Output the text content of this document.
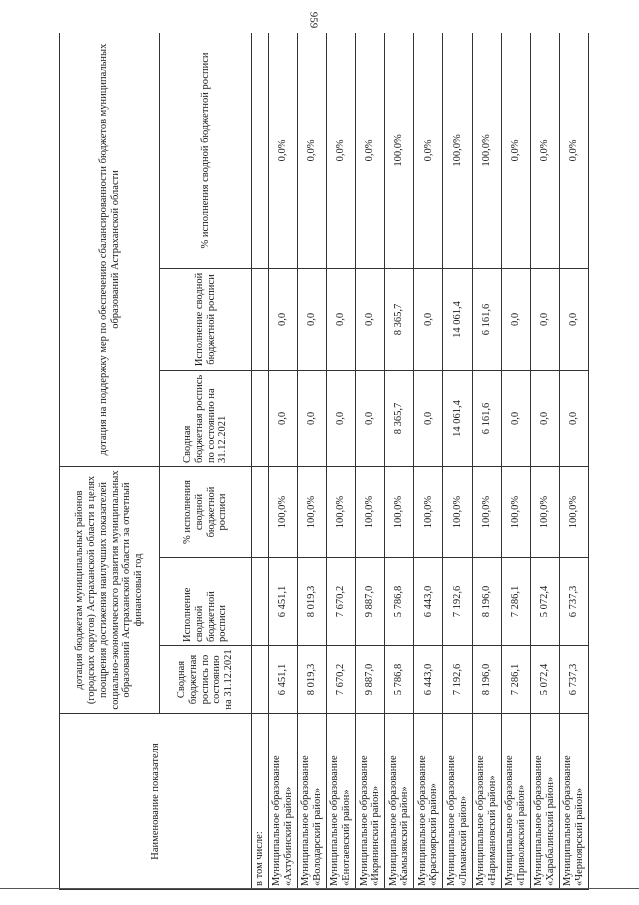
959
Наименование показателя	дотация бюджетам муниципальных районов (городских округов) Астраханской области в целях поощрения достижения наилучших показателей социально-экономического развития муниципальных образований Астраханской области за отчетный финансовый год			дотация на поддержку мер по обеспечению сбалансированности бюджетов муниципальных образований Астраханской области		
	Сводная бюджетная роспись по состоянию на 31.12.2021	Исполнение сводной бюджетной росписи	% исполнения сводной бюджетной росписи	Сводная бюджетная роспись по состоянию на 31.12.2021	Исполнение сводной бюджетной росписи	% исполнения сводной бюджетной росписи
в том числе:						
Муниципальное образование «Ахтубинский район»	6 451,1	6 451,1	100,0%	0,0	0,0	0,0%
Муниципальное образование «Володарский район»	8 019,3	8 019,3	100,0%	0,0	0,0	0,0%
Муниципальное образование «Енотаевский район»	7 670,2	7 670,2	100,0%	0,0	0,0	0,0%
Муниципальное образование «Икрянинский район»	9 887,0	9 887,0	100,0%	0,0	0,0	0,0%
Муниципальное образование «Камызякский район»	5 786,8	5 786,8	100,0%	8 365,7	8 365,7	100,0%
Муниципальное образование «Красноярский район»	6 443,0	6 443,0	100,0%	0,0	0,0	0,0%
Муниципальное образование «Лиманский район»	7 192,6	7 192,6	100,0%	14 061,4	14 061,4	100,0%
Муниципальное образование «Наримановский район»	8 196,0	8 196,0	100,0%	6 161,6	6 161,6	100,0%
Муниципальное образование «Приволжский район»	7 286,1	7 286,1	100,0%	0,0	0,0	0,0%
Муниципальное образование «Харабалинский район»	5 072,4	5 072,4	100,0%	0,0	0,0	0,0%
Муниципальное образование «Черноярский район»	6 737,3	6 737,3	100,0%	0,0	0,0	0,0%
